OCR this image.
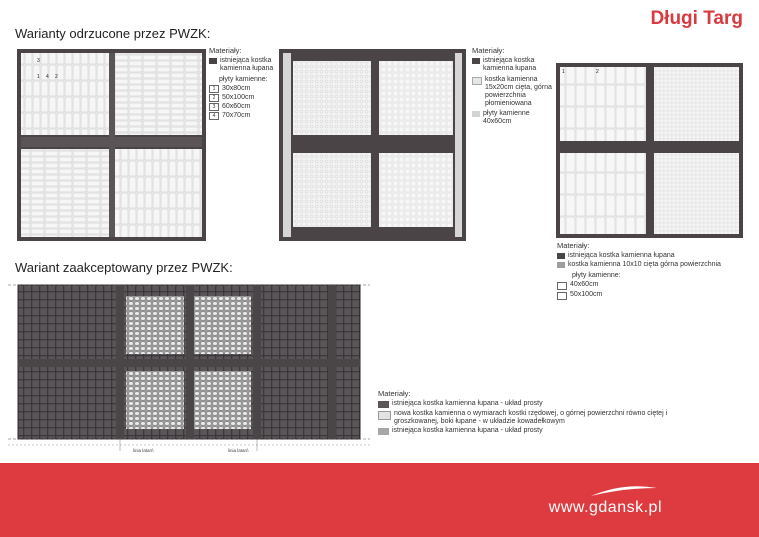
Długi Targ
Warianty odrzucone przez PWZK:
Wariant zaakceptowany przez PWZK:
3
1 4 2
Materiały:
istniejąca kostka kamienna łupana
płyty kamienne:
1 30x80cm
2 50x100cm
3 60x60cm
4 70x70cm
Materiały:
istniejąca kostka kamienna łupana
kostka kamienna 15x20cm cięta, górna powierzchnia płomieniowana
płyty kamienne 40x60cm
1	2
Materiały:
istniejąca kostka kamienna łupana
kostka kamienna 10x10 cięta górna powierzchnia
płyty kamienne:
40x60cm
50x100cm
linia latarń	linia latarń
Materiały:
istniejąca kostka kamienna łupana - układ prosty
nowa kostka kamienna o wymiarach kostki rzędowej, o górnej powierzchni równo ciętej i groszkowanej, boki łupane - w układzie kowadełkowym
istniejąca kostka kamienna łupana - układ prosty
www.gdansk.pl
